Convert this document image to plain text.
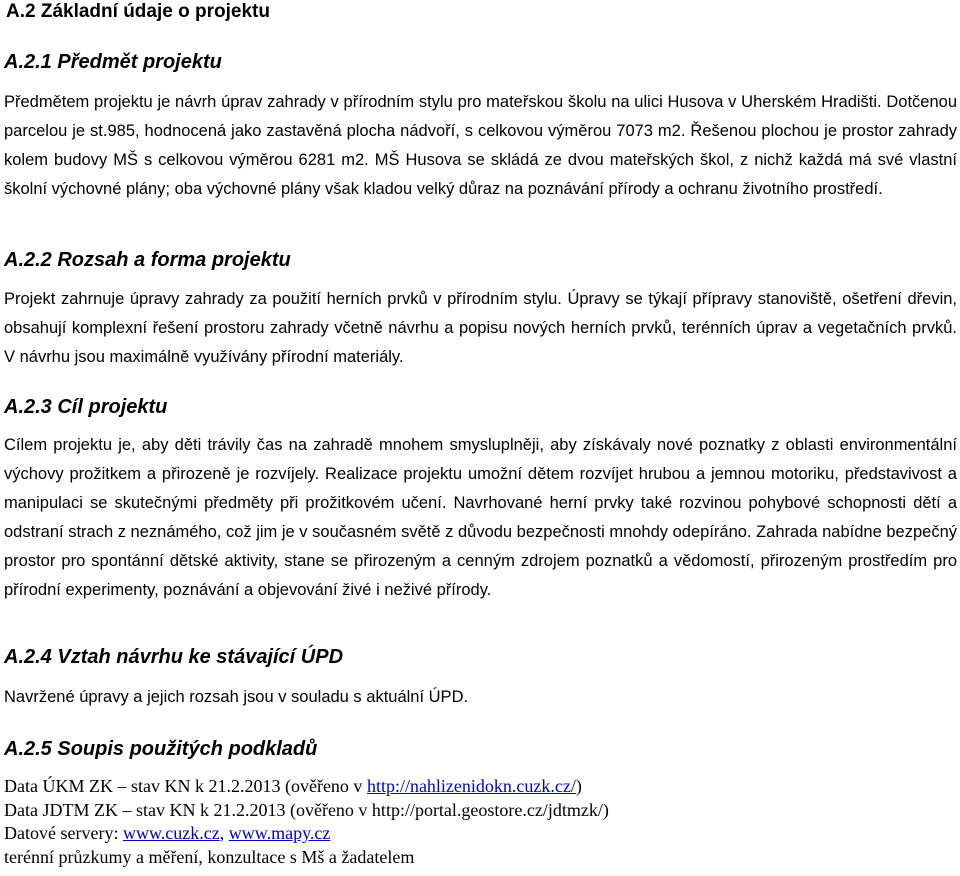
A.2 Základní údaje o projektu
A.2.1 Předmět projektu

Předmětem projektu je návrh úprav zahrady v přírodním stylu pro mateřskou školu na ulici Husova v Uherském Hradišti. Dotčenou parcelou je st.985, hodnocená jako zastavěná plocha nádvoří, s celkovou výměrou 7073 m2. Řešenou plochou je prostor zahrady kolem budovy MŠ s celkovou výměrou 6281 m2. MŠ Husova se skládá ze dvou mateřských škol, z nichž každá má své vlastní školní výchovné plány; oba výchovné plány však kladou velký důraz na poznávání přírody a ochranu životního prostředí.

A.2.2 Rozsah a forma projektu

Projekt zahrnuje úpravy zahrady za použití herních prvků v přírodním stylu. Úpravy se týkají přípravy stanoviště, ošetření dřevin, obsahují komplexní řešení prostoru zahrady včetně návrhu a popisu nových herních prvků, terénních úprav a vegetačních prvků. V návrhu jsou maximálně využívány přírodní materiály.

A.2.3 Cíl projektu

Cílem projektu je, aby děti trávily čas na zahradě mnohem smysluplněji, aby získávaly nové poznatky z oblasti environmentální výchovy prožitkem a přirozeně je rozvíjely. Realizace projektu umožní dětem rozvíjet hrubou a jemnou motoriku, představivost a manipulaci se skutečnými předměty při prožitkovém učení. Navrhované herní prvky také rozvinou pohybové schopnosti dětí a odstraní strach z neznámého, což jim je v současném světě z důvodu bezpečnosti mnohdy odepíráno. Zahrada nabídne bezpečný prostor pro spontánní dětské aktivity, stane se přirozeným a cenným zdrojem poznatků a vědomostí, přirozeným prostředím pro přírodní experimenty, poznávání a objevování živé i neživé přírody.

A.2.4 Vztah návrhu ke stávající ÚPD

Navržené úpravy a jejich rozsah jsou v souladu s aktuální ÚPD.

A.2.5 Soupis použitých podkladů
Data ÚKM ZK – stav KN k 21.2.2013 (ověřeno v http://nahlizenidokn.cuzk.cz/)
Data JDTM ZK – stav KN k 21.2.2013 (ověřeno v http://portal.geostore.cz/jdtmzk/)
Datové servery: www.cuzk.cz, www.mapy.cz
terénní průzkumy a měření, konzultace s Mš a žadatelem
